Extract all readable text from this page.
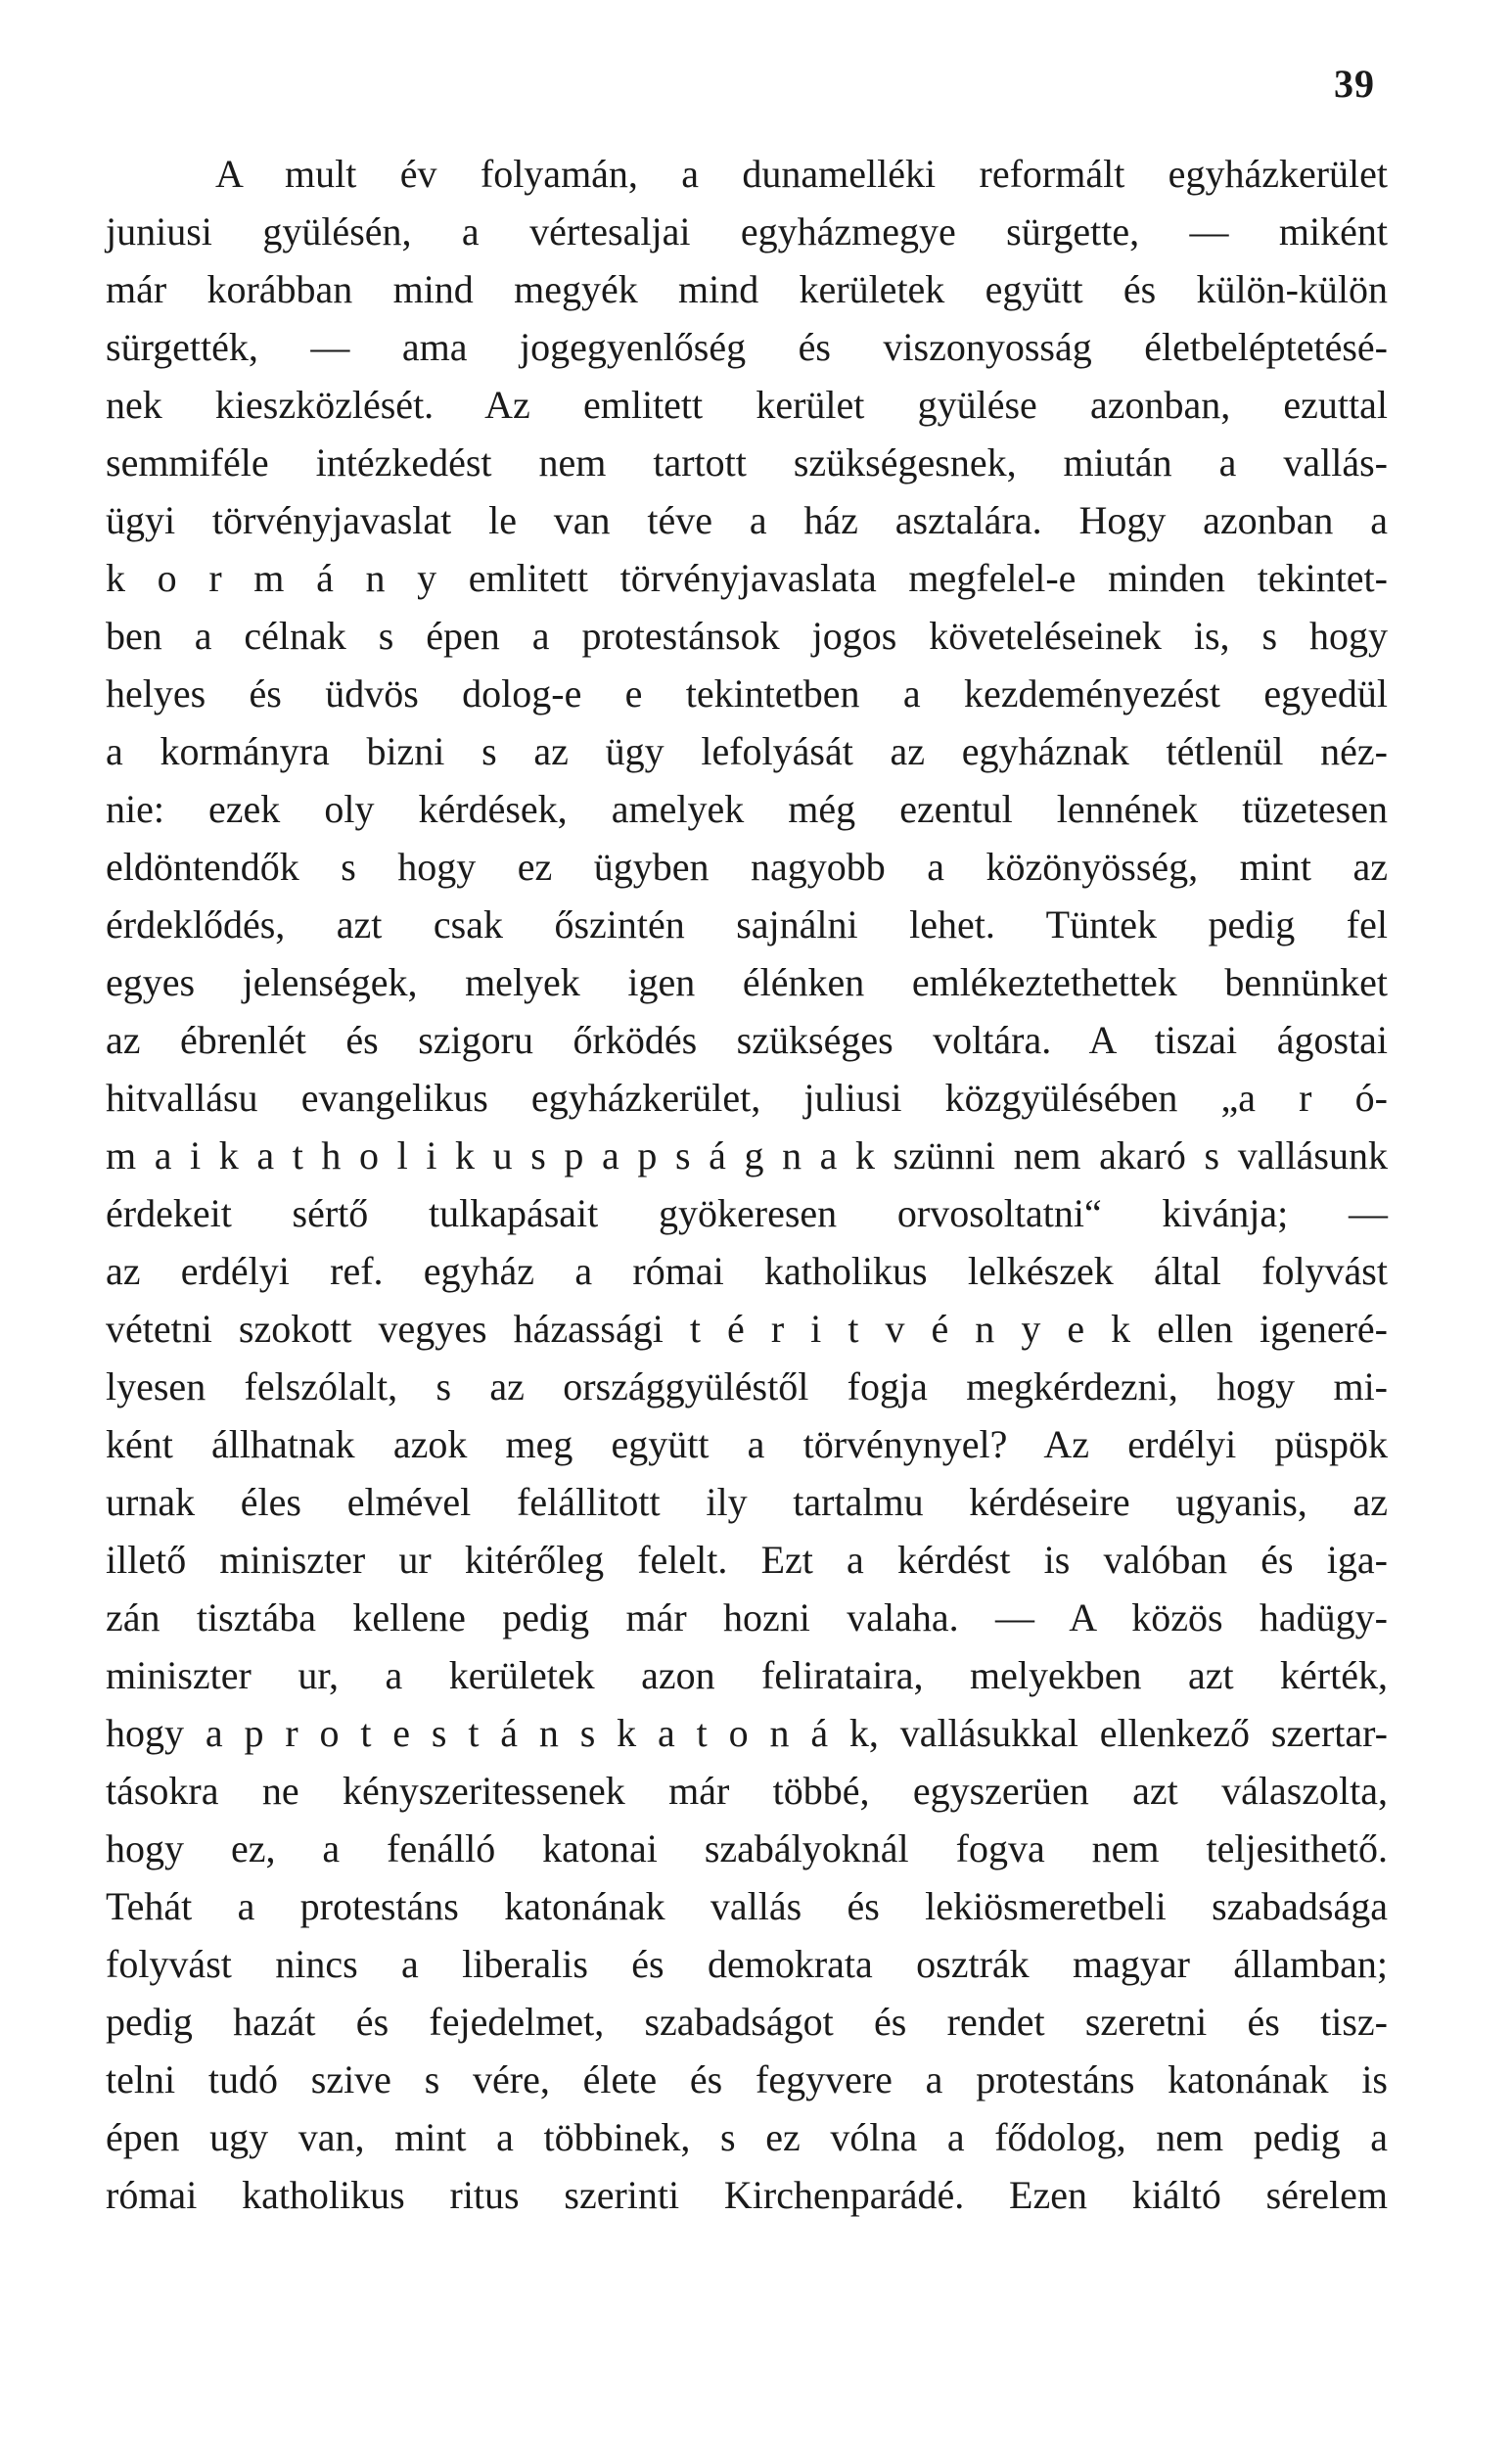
39
A mult év folyamán, a dunamelléki reformált egyházkerület
juniusi gyülésén, a vértesaljai egyházmegye sürgette, — miként
már korábban mind megyék mind kerületek együtt és külön-külön
sürgették, — ama jogegyenlőség és viszonyosság életbeléptetésé-
nek kieszközlését. Az emlitett kerület gyülése azonban, ezuttal
semmiféle intézkedést nem tartott szükségesnek, miután a vallás-
ügyi törvényjavaslat le van téve a ház asztalára. Hogy azonban a
k o r m á n y emlitett törvényjavaslata megfelel-e minden tekintet-
ben a célnak s épen a protestánsok jogos követeléseinek is, s hogy
helyes és üdvös dolog-e e tekintetben a kezdeményezést egyedül
a kormányra bizni s az ügy lefolyását az egyháznak tétlenül néz-
nie: ezek oly kérdések, amelyek még ezentul lennének tüzetesen
eldöntendők s hogy ez ügyben nagyobb a közönyösség, mint az
érdeklődés, azt csak őszintén sajnálni lehet. Tüntek pedig fel
egyes jelenségek, melyek igen élénken emlékeztethettek bennünket
az ébrenlét és szigoru őrködés szükséges voltára. A tiszai ágostai
hitvallásu evangelikus egyházkerület, juliusi közgyülésében „a r ó-
m a i k a t h o l i k u s p a p s á g n a k szünni nem akaró s vallásunk
érdekeit sértő tulkapásait gyökeresen orvosoltatni“ kivánja; —
az erdélyi ref. egyház a római katholikus lelkészek által folyvást
vétetni szokott vegyes házassági t é r i t v é n y e k ellen igeneré-
lyesen felszólalt, s az országgyüléstől fogja megkérdezni, hogy mi-
ként állhatnak azok meg együtt a törvénynyel? Az erdélyi püspök
urnak éles elmével felállitott ily tartalmu kérdéseire ugyanis, az
illető miniszter ur kitérőleg felelt. Ezt a kérdést is valóban és iga-
zán tisztába kellene pedig már hozni valaha. — A közös hadügy-
miniszter ur, a kerületek azon felirataira, melyekben azt kérték,
hogy a p r o t e s t á n s k a t o n á k, vallásukkal ellenkező szertar-
tásokra ne kényszeritessenek már többé, egyszerüen azt válaszolta,
hogy ez, a fenálló katonai szabályoknál fogva nem teljesithető.
Tehát a protestáns katonának vallás és lekiösmeretbeli szabadsága
folyvást nincs a liberalis és demokrata osztrák magyar államban;
pedig hazát és fejedelmet, szabadságot és rendet szeretni és tisz-
telni tudó szive s vére, élete és fegyvere a protestáns katonának is
épen ugy van, mint a többinek, s ez vólna a fődolog, nem pedig a
római katholikus ritus szerinti Kirchenparádé. Ezen kiáltó sérelem
